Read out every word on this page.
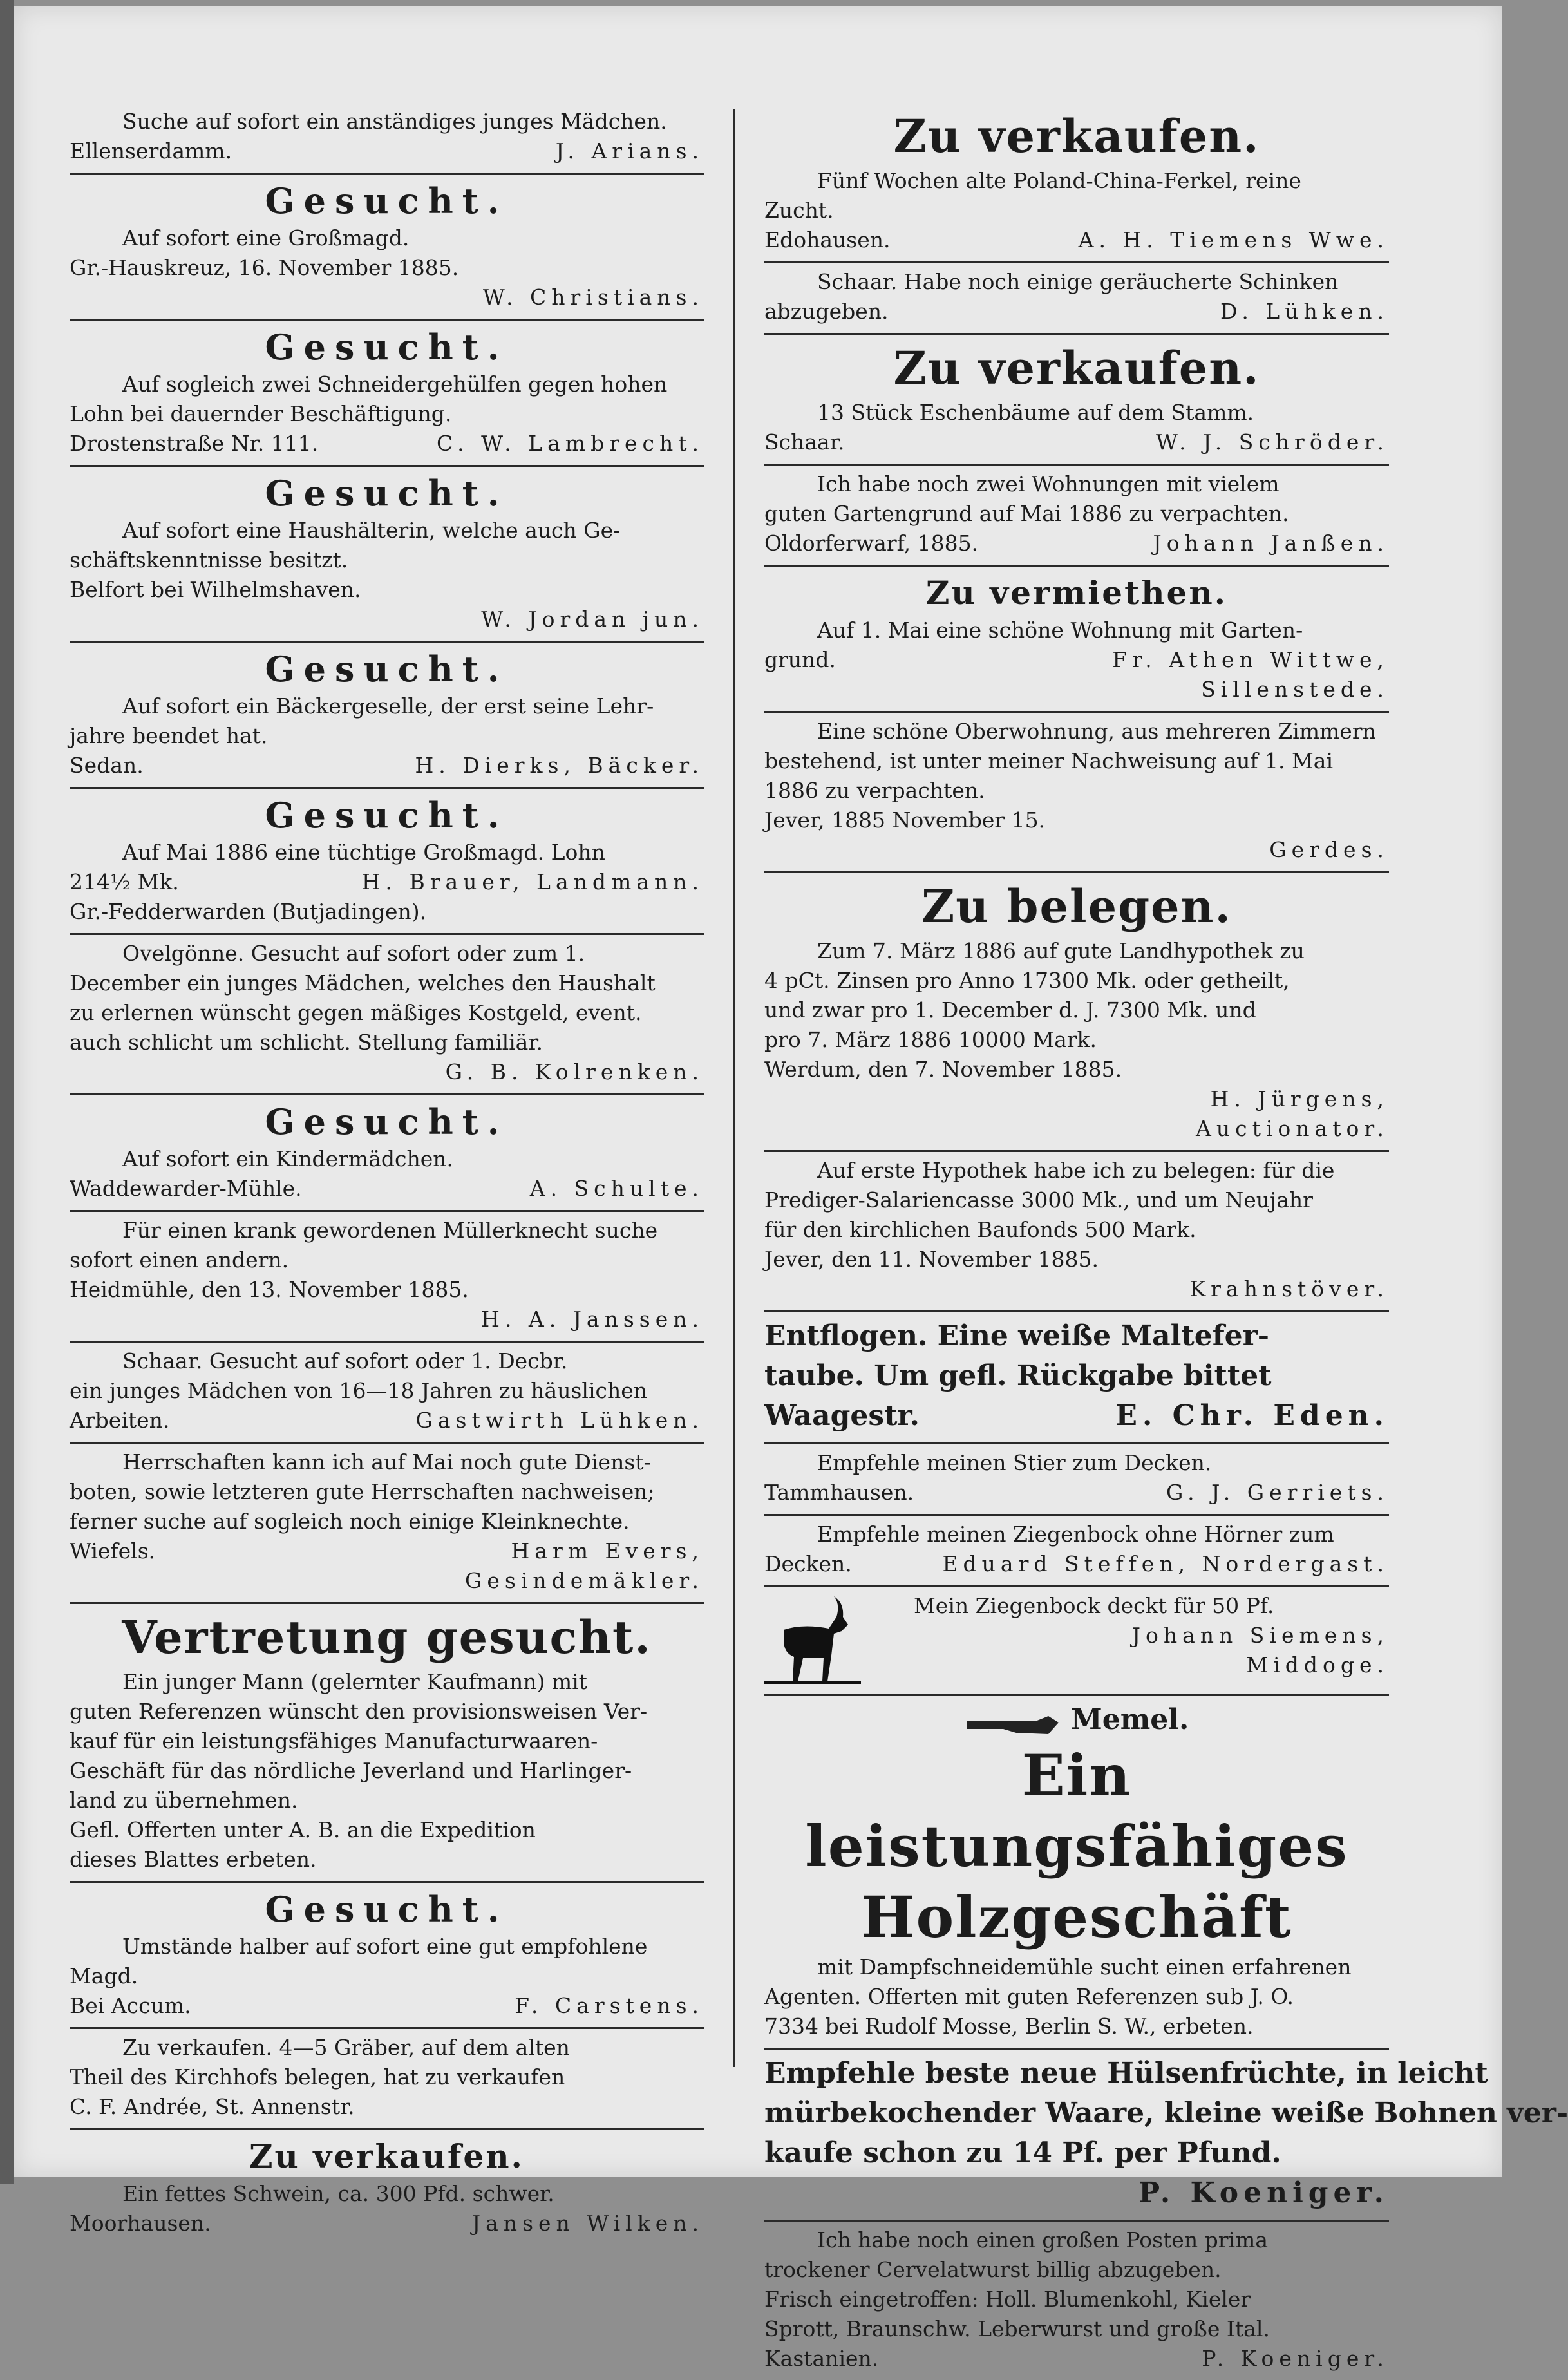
Suche auf sofort ein anständiges junges Mädchen.
Ellenserdamm.	J. Arians.
Gesucht.
Auf sofort eine Großmagd.
Gr.-Hauskreuz, 16. November 1885.
W. Christians.
Gesucht.
Auf sogleich zwei Schneidergehülfen gegen hohen
Lohn bei dauernder Beschäftigung.
Drostenstraße Nr. 111.	C. W. Lambrecht.
Gesucht.
Auf sofort eine Haushälterin, welche auch Ge-
schäftskenntnisse besitzt.
Belfort bei Wilhelmshaven.
W. Jordan jun.
Gesucht.
Auf sofort ein Bäckergeselle, der erst seine Lehr-
jahre beendet hat.
Sedan.	H. Dierks, Bäcker.
Gesucht.
Auf Mai 1886 eine tüchtige Großmagd. Lohn
214½ Mk.	H. Brauer, Landmann.
Gr.-Fedderwarden (Butjadingen).
Ovelgönne. Gesucht auf sofort oder zum 1.
December ein junges Mädchen, welches den Haushalt
zu erlernen wünscht gegen mäßiges Kostgeld, event.
auch schlicht um schlicht. Stellung familiär.
G. B. Kolrenken.
Gesucht.
Auf sofort ein Kindermädchen.
Waddewarder-Mühle.	A. Schulte.
Für einen krank gewordenen Müllerknecht suche
sofort einen andern.
Heidmühle, den 13. November 1885.
H. A. Janssen.
Schaar. Gesucht auf sofort oder 1. Decbr.
ein junges Mädchen von 16—18 Jahren zu häuslichen
Arbeiten.	Gastwirth Lühken.
Herrschaften kann ich auf Mai noch gute Dienst-
boten, sowie letzteren gute Herrschaften nachweisen;
ferner suche auf sogleich noch einige Kleinknechte.
Wiefels.	Harm Evers,
Gesindemäkler.
Vertretung gesucht.
Ein junger Mann (gelernter Kaufmann) mit
guten Referenzen wünscht den provisionsweisen Ver-
kauf für ein leistungsfähiges Manufacturwaaren-
Geschäft für das nördliche Jeverland und Harlinger-
land zu übernehmen.
Gefl. Offerten unter A. B. an die Expedition
dieses Blattes erbeten.
Gesucht.
Umstände halber auf sofort eine gut empfohlene
Magd.
Bei Accum.	F. Carstens.
Zu verkaufen. 4—5 Gräber, auf dem alten
Theil des Kirchhofs belegen, hat zu verkaufen
C. F. Andrée, St. Annenstr.
Zu verkaufen.
Ein fettes Schwein, ca. 300 Pfd. schwer.
Moorhausen.	Jansen Wilken.
Zu verkaufen.
Fünf Wochen alte Poland-China-Ferkel, reine
Zucht.
Edohausen.	A. H. Tiemens Wwe.
Schaar. Habe noch einige geräucherte Schinken
abzugeben.	D. Lühken.
Zu verkaufen.
13 Stück Eschenbäume auf dem Stamm.
Schaar.	W. J. Schröder.
Ich habe noch zwei Wohnungen mit vielem
guten Gartengrund auf Mai 1886 zu verpachten.
Oldorferwarf, 1885.	Johann Janßen.
Zu vermiethen.
Auf 1. Mai eine schöne Wohnung mit Garten-
grund.	Fr. Athen Wittwe,
Sillenstede.
Eine schöne Oberwohnung, aus mehreren Zimmern
bestehend, ist unter meiner Nachweisung auf 1. Mai
1886 zu verpachten.
Jever, 1885 November 15.
Gerdes.
Zu belegen.
Zum 7. März 1886 auf gute Landhypothek zu
4 pCt. Zinsen pro Anno 17300 Mk. oder getheilt,
und zwar pro 1. December d. J. 7300 Mk. und
pro 7. März 1886 10000 Mark.
Werdum, den 7. November 1885.
H. Jürgens,
Auctionator.
Auf erste Hypothek habe ich zu belegen: für die
Prediger-Salariencasse 3000 Mk., und um Neujahr
für den kirchlichen Baufonds 500 Mark.
Jever, den 11. November 1885.
Krahnstöver.
Entflogen. Eine weiße Maltefer-
taube. Um gefl. Rückgabe bittet
Waagestr.	E. Chr. Eden.
Empfehle meinen Stier zum Decken.
Tammhausen.	G. J. Gerriets.
Empfehle meinen Ziegenbock ohne Hörner zum
Decken.	Eduard Steffen, Nordergast.
Mein Ziegenbock deckt für 50 Pf.
Johann Siemens,
Middoge.
Memel.
Ein leistungsfähiges
Holzgeschäft
mit Dampfschneidemühle sucht einen erfahrenen
Agenten. Offerten mit guten Referenzen sub J. O.
7334 bei Rudolf Mosse, Berlin S. W., erbeten.
Empfehle beste neue Hülsenfrüchte, in leicht
mürbekochender Waare, kleine weiße Bohnen ver-
kaufe schon zu 14 Pf. per Pfund.
P. Koeniger.
Ich habe noch einen großen Posten prima
trockener Cervelatwurst billig abzugeben.
Frisch eingetroffen: Holl. Blumenkohl, Kieler
Sprott, Braunschw. Leberwurst und große Ital.
Kastanien.	P. Koeniger.
